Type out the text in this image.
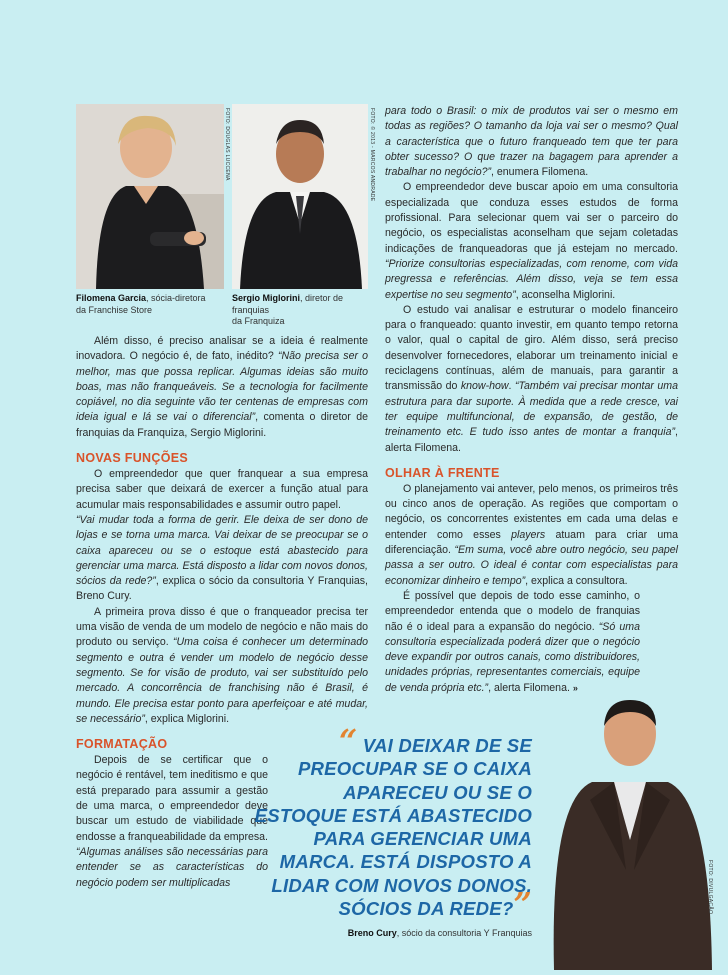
FOTO: DOUGLAS LUCCENA	FOTO: © 2013 - MARCOS ANDRADE
Filomena Garcia, sócia-diretora
da Franchise Store
Sergio Miglorini, diretor de franquias
da Franquiza

Além disso, é preciso analisar se a ideia é realmente inovadora. O negócio é, de fato, inédito? “Não precisa ser o melhor, mas que possa replicar. Algumas ideias são muito boas, mas não franqueáveis. Se a tecnologia for facilmente copiável, no dia seguinte vão ter centenas de empresas com ideia igual e lá se vai o diferencial”, comenta o diretor de franquias da Franquiza, Sergio Miglorini.

NOVAS FUNÇÕES

O empreendedor que quer franquear a sua empresa precisa saber que deixará de exercer a função atual para acumular mais responsabilidades e assumir outro papel.

“Vai mudar toda a forma de gerir. Ele deixa de ser dono de lojas e se torna uma marca. Vai deixar de se preocupar se o caixa apareceu ou se o estoque está abastecido para gerenciar uma marca. Está disposto a lidar com novos donos, sócios da rede?”, explica o sócio da consultoria Y Franquias, Breno Cury.

A primeira prova disso é que o franqueador precisa ter uma visão de venda de um modelo de negócio e não mais do produto ou serviço. “Uma coisa é conhecer um determinado segmento e outra é vender um modelo de negócio desse segmento. Se for visão de produto, vai ser substituído pelo mercado. A concorrência de franchising não é Brasil, é mundo. Ele precisa estar ponto para aperfeiçoar e até mudar, se necessário”, explica Miglorini.

FORMATAÇÃO

Depois de se certificar que o negócio é rentável, tem ineditismo e que está preparado para assumir a gestão de uma marca, o empreendedor deve buscar um estudo de viabilidade que endosse a franqueabilidade da empresa. “Algumas análises são necessárias para entender se as características do negócio podem ser multiplicadas

para todo o Brasil: o mix de produtos vai ser o mesmo em todas as regiões? O tamanho da loja vai ser o mesmo? Qual a característica que o futuro franqueado tem que ter para obter sucesso? O que trazer na bagagem para aprender a trabalhar no negócio?”, enumera Filomena.

O empreendedor deve buscar apoio em uma consultoria especializada que conduza esses estudos de forma profissional. Para selecionar quem vai ser o parceiro do negócio, os especialistas aconselham que sejam coletadas indicações de franqueadoras que já estejam no mercado. “Priorize consultorias especializadas, com renome, com vida pregressa e referências. Além disso, veja se tem essa expertise no seu segmento”, aconselha Miglorini.

O estudo vai analisar e estruturar o modelo financeiro para o franqueado: quanto investir, em quanto tempo retorna o valor, qual o capital de giro. Além disso, será preciso desenvolver fornecedores, elaborar um treinamento inicial e reciclagens contínuas, além de manuais, para garantir a transmissão do know-how. “Também vai precisar montar uma estrutura para dar suporte. À medida que a rede cresce, vai ter equipe multifuncional, de expansão, de gestão, de treinamento etc. E tudo isso antes de montar a franquia”, alerta Filomena.

OLHAR À FRENTE

O planejamento vai antever, pelo menos, os primeiros três ou cinco anos de operação. As regiões que comportam o negócio, os concorrentes existentes em cada uma delas e entender como esses players atuam para criar uma diferenciação. “Em suma, você abre outro negócio, seu papel passa a ser outro. O ideal é contar com especialistas para economizar dinheiro e tempo”, explica a consultora.

É possível que depois de todo esse caminho, o empreendedor entenda que o modelo de franquias não é o ideal para a expansão do negócio. “Só uma consultoria especializada poderá dizer que o negócio deve expandir por outros canais, como distribuidores, unidades próprias, representantes comerciais, equipe de venda própria etc.”, alerta Filomena. »

“ VAI DEIXAR DE SE PREOCUPAR SE O CAIXA APARECEU OU SE O ESTOQUE ESTÁ ABASTECIDO PARA GERENCIAR UMA MARCA. ESTÁ DISPOSTO A LIDAR COM NOVOS DONOS, SÓCIOS DA REDE?”
Breno Cury, sócio da consultoria Y Franquias
FOTO: DIVULGAÇÃO
